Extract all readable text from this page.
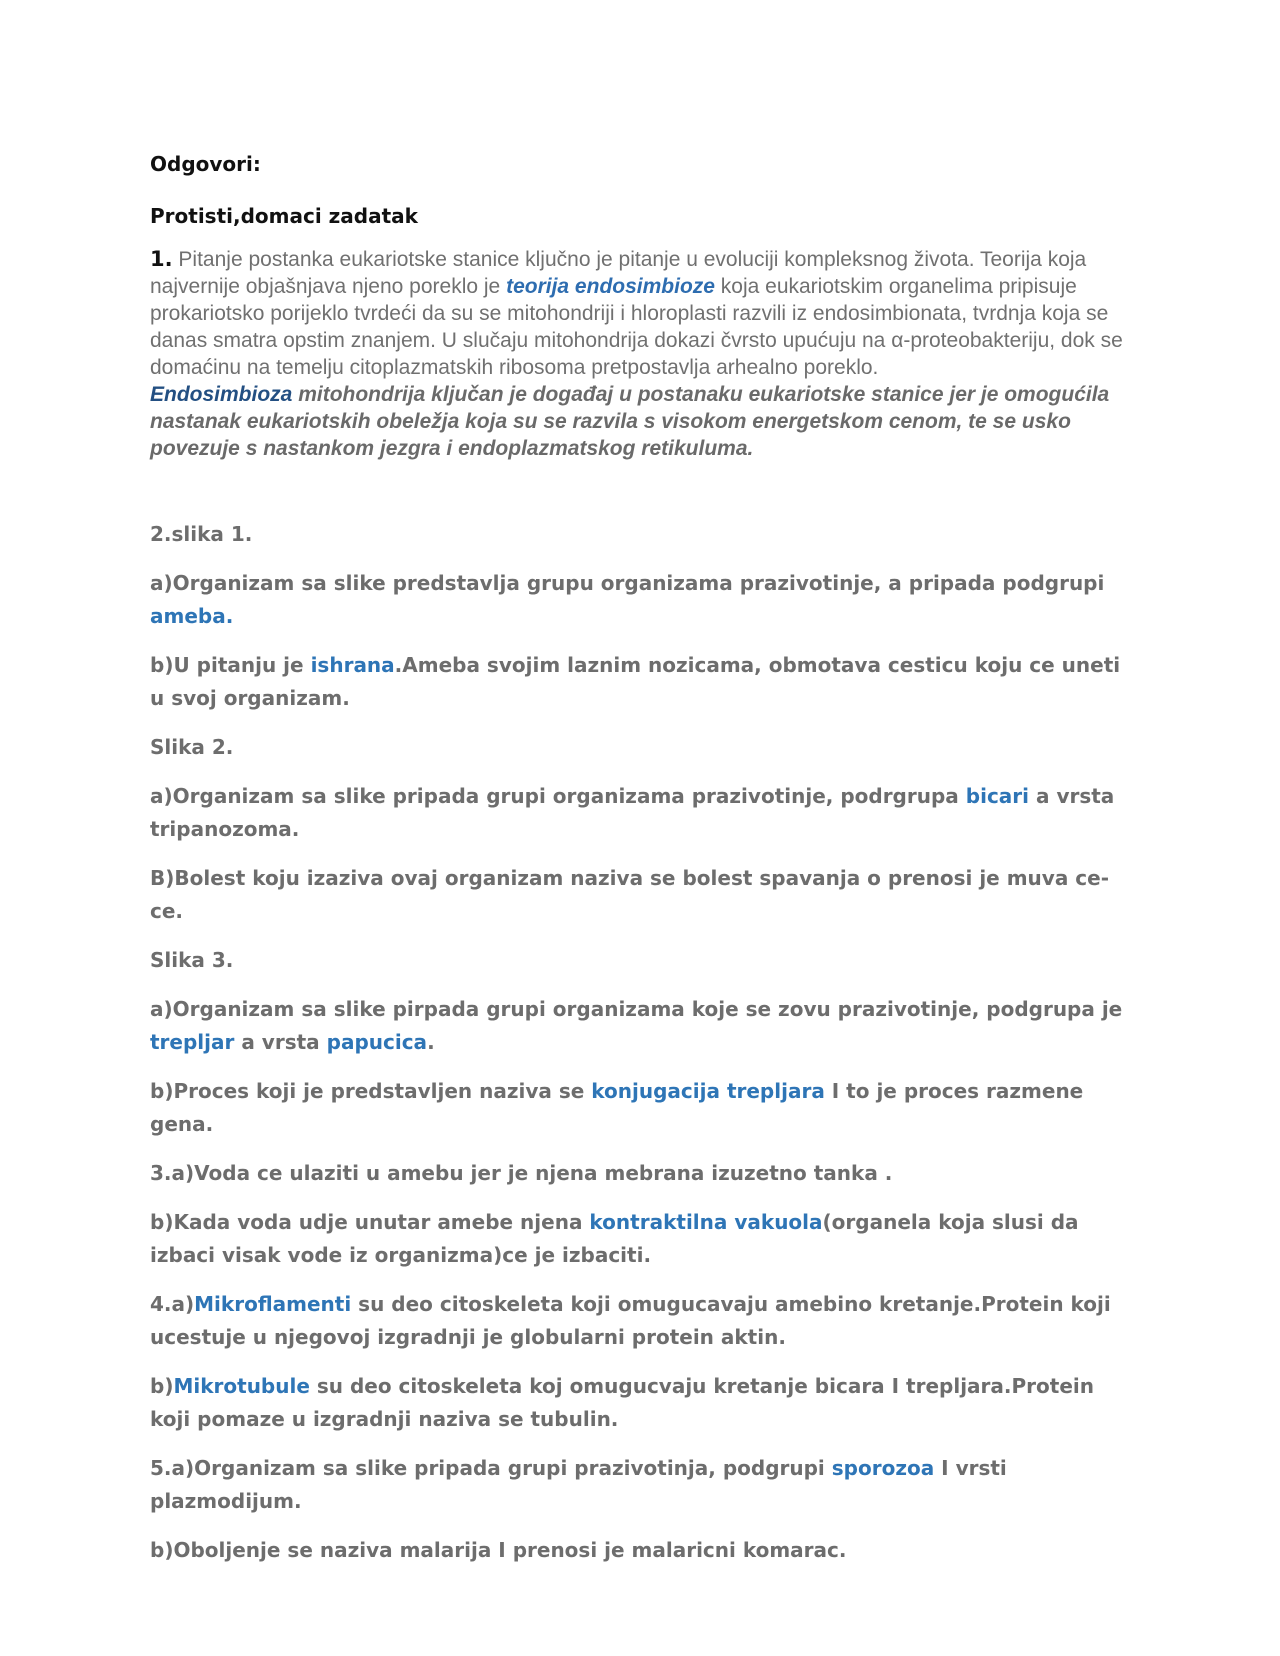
Odgovori:

Protisti,domaci zadatak

1. Pitanje postanka eukariotske stanice ključno je pitanje u evoluciji kompleksnog života. Teorija koja najvernije objašnjava njeno poreklo je teorija endosimbioze koja eukariotskim organelima pripisuje prokariotsko porijeklo tvrdeći da su se mitohondriji i hloroplasti razvili iz endosimbionata, tvrdnja koja se danas smatra opstim znanjem. U slučaju mitohondrija dokazi čvrsto upućuju na α-proteobakteriju, dok se domaćinu na temelju citoplazmatskih ribosoma pretpostavlja arhealno poreklo.
Endosimbioza mitohondrija ključan je događaj u postanaku eukariotske stanice jer je omogućila nastanak eukariotskih obeležja koja su se razvila s visokom energetskom cenom, te se usko povezuje s nastankom jezgra i endoplazmatskog retikuluma.

2.slika 1.

a)Organizam sa slike predstavlja grupu organizama prazivotinje, a pripada podgrupi ameba.

b)U pitanju je ishrana.Ameba svojim laznim nozicama, obmotava cesticu koju ce uneti u svoj organizam.

Slika 2.

a)Organizam sa slike pripada grupi organizama prazivotinje, podrgrupa bicari a vrsta tripanozoma.

B)Bolest koju izaziva ovaj organizam naziva se bolest spavanja o prenosi je muva ce-ce.

Slika 3.

a)Organizam sa slike pirpada grupi organizama koje se zovu prazivotinje, podgrupa je trepljar a vrsta papucica.

b)Proces koji je predstavljen naziva se konjugacija trepljara I to je proces razmene gena.

3.a)Voda ce ulaziti u amebu jer je njena mebrana izuzetno tanka .

b)Kada voda udje unutar amebe njena kontraktilna vakuola(organela koja slusi da izbaci visak vode iz organizma)ce je izbaciti.

4.a)Mikroflamenti su deo citoskeleta koji omugucavaju amebino kretanje.Protein koji ucestuje u njegovoj izgradnji je globularni protein aktin.

b)Mikrotubule su deo citoskeleta koj omugucvaju kretanje bicara I trepljara.Protein koji pomaze u izgradnji naziva se tubulin.

5.a)Organizam sa slike pripada grupi prazivotinja, podgrupi sporozoa I vrsti plazmodijum.

b)Oboljenje se naziva malarija I prenosi je malaricni komarac.
